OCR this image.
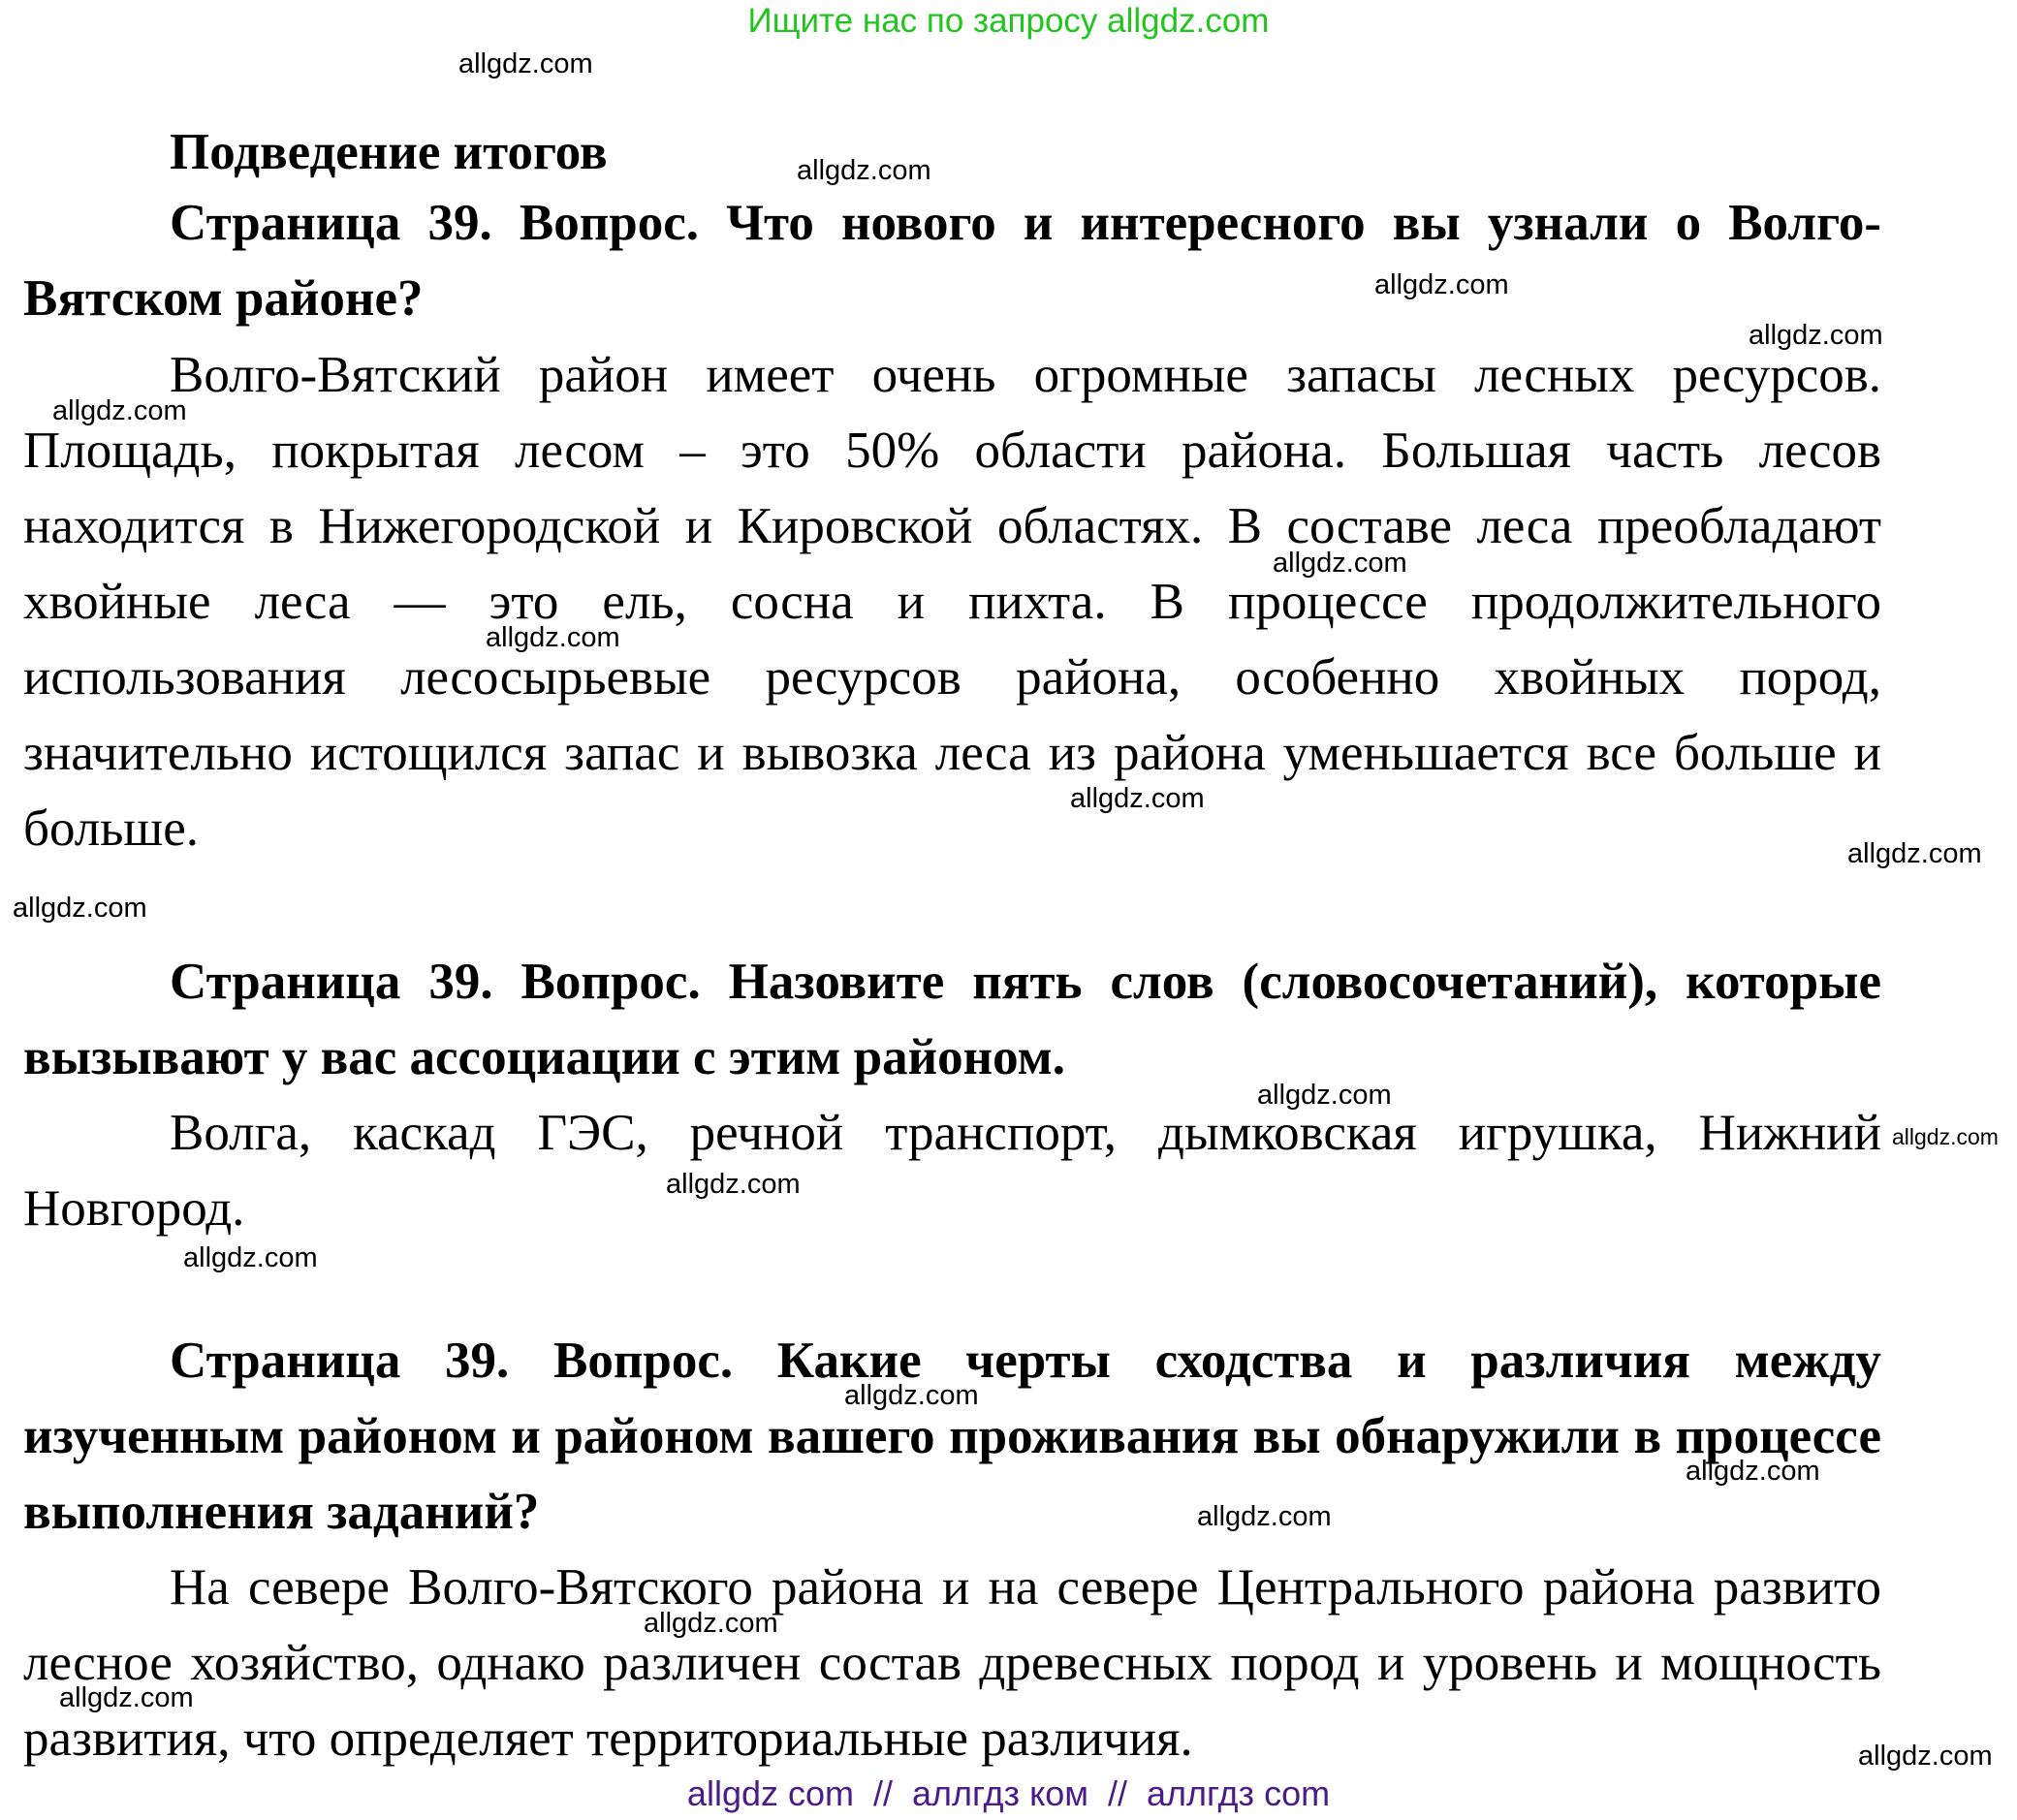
Ищите нас по запросу allgdz.com
Подведение итогов
Страница 39. Вопрос. Что нового и интересного вы узнали о Волго-Вятском районе?
Волго-Вятский район имеет очень огромные запасы лесных ресурсов. Площадь, покрытая лесом – это 50% области района. Большая часть лесов находится в Нижегородской и Кировской областях. В составе леса преобладают хвойные леса — это ель, сосна и пихта. В процессе продолжительного использования лесосырьевые ресурсов района, особенно хвойных пород, значительно истощился запас и вывозка леса из района уменьшается все больше и больше.
Страница 39. Вопрос. Назовите пять слов (словосочетаний), которые вызывают у вас ассоциации с этим районом.
Волга, каскад ГЭС, речной транспорт, дымковская игрушка, Нижний Новгород.
Страница 39. Вопрос. Какие черты сходства и различия между изученным районом и районом вашего проживания вы обнаружили в процессе выполнения заданий?
На севере Волго-Вятского района и на севере Центрального района развито лесное хозяйство, однако различен состав древесных пород и уровень и мощность развития, что определяет территориальные различия.
allgdz.com
allgdz.com
allgdz.com
allgdz.com
allgdz.com
allgdz.com
allgdz.com
allgdz.com
allgdz.com
allgdz.com
allgdz.com
allgdz.com
allgdz.com
allgdz.com
allgdz.com
allgdz.com
allgdz.com
allgdz.com
allgdz.com
allgdz.com
allgdz com  //  аллгдз ком  //  аллгдз com
